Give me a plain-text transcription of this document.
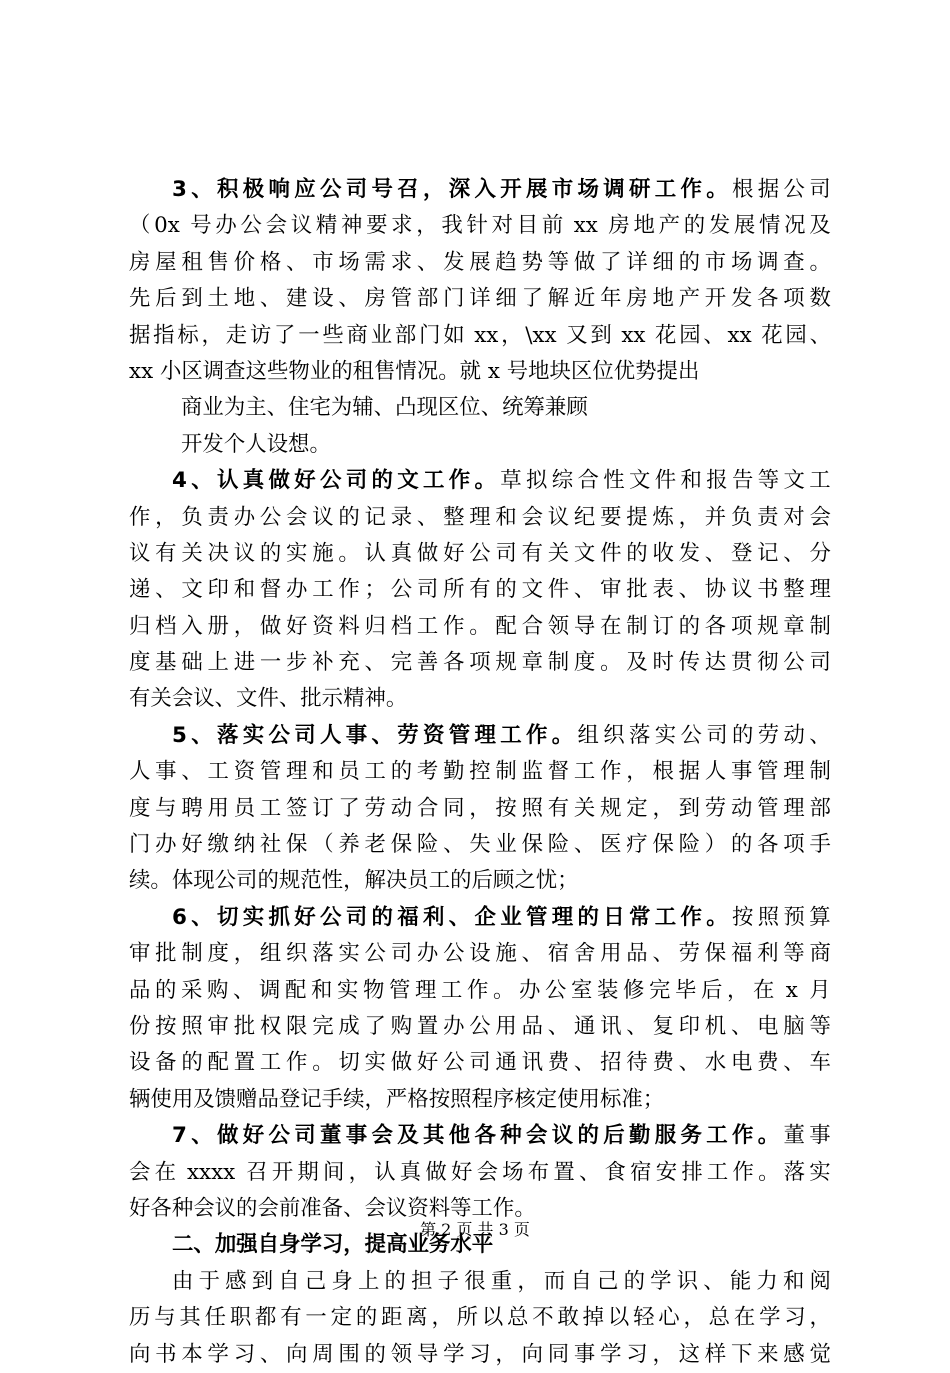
3 、 积 极 响 应 公 司 号 召 ， 深 入 开 展 市 场 调 研 工 作 。 根 据 公 司
（ 0x 号 办 公 会 议 精 神 要 求 ， 我 针 对 目 前 xx 房 地 产 的 发 展 情 况 及
房 屋 租 售 价 格 、 市 场 需 求 、 发 展 趋 势 等 做 了 详 细 的 市 场 调 查 。
先 后 到 土 地 、 建 设 、 房 管 部 门 详 细 了 解 近 年 房 地 产 开 发 各 项 数
据 指 标 ， 走 访 了 一 些 商 业 部 门 如 xx ， \xx 又 到 xx 花 园 、 xx 花 园 、
xx 小 区 调 查 这 些 物 业 的 租 售 情 况 。 就 x 号 地 块 区 位 优 势 提 出
商 业 为 主 、 住 宅 为 辅 、 凸 现 区 位 、 统 筹 兼 顾
开 发 个 人 设 想 。
4 、 认 真 做 好 公 司 的 文 工 作 。 草 拟 综 合 性 文 件 和 报 告 等 文 工
作 ， 负 责 办 公 会 议 的 记 录 、 整 理 和 会 议 纪 要 提 炼 ， 并 负 责 对 会
议 有 关 决 议 的 实 施 。 认 真 做 好 公 司 有 关 文 件 的 收 发 、 登 记 、 分
递 、 文 印 和 督 办 工 作 ； 公 司 所 有 的 文 件 、 审 批 表 、 协 议 书 整 理
归 档 入 册 ， 做 好 资 料 归 档 工 作 。 配 合 领 导 在 制 订 的 各 项 规 章 制
度 基 础 上 进 一 步 补 充 、 完 善 各 项 规 章 制 度 。 及 时 传 达 贯 彻 公 司
有 关 会 议 、 文 件 、 批 示 精 神 。
5 、 落 实 公 司 人 事 、 劳 资 管 理 工 作 。 组 织 落 实 公 司 的 劳 动 、
人 事 、 工 资 管 理 和 员 工 的 考 勤 控 制 监 督 工 作 ， 根 据 人 事 管 理 制
度 与 聘 用 员 工 签 订 了 劳 动 合 同 ， 按 照 有 关 规 定 ， 到 劳 动 管 理 部
门 办 好 缴 纳 社 保 （ 养 老 保 险 、 失 业 保 险 、 医 疗 保 险 ） 的 各 项 手
续 。 体 现 公 司 的 规 范 性 ， 解 决 员 工 的 后 顾 之 忧 ；
6 、 切 实 抓 好 公 司 的 福 利 、 企 业 管 理 的 日 常 工 作 。 按 照 预 算
审 批 制 度 ， 组 织 落 实 公 司 办 公 设 施 、 宿 舍 用 品 、 劳 保 福 利 等 商
品 的 采 购 、 调 配 和 实 物 管 理 工 作 。 办 公 室 装 修 完 毕 后 ， 在 x 月
份 按 照 审 批 权 限 完 成 了 购 置 办 公 用 品 、 通 讯 、 复 印 机 、 电 脑 等
设 备 的 配 置 工 作 。 切 实 做 好 公 司 通 讯 费 、 招 待 费 、 水 电 费 、 车
辆 使 用 及 馈 赠 品 登 记 手 续 ， 严 格 按 照 程 序 核 定 使 用 标 准 ；
7 、 做 好 公 司 董 事 会 及 其 他 各 种 会 议 的 后 勤 服 务 工 作 。 董 事
会 在 xxxx 召 开 期 间 ， 认 真 做 好 会 场 布 置 、 食 宿 安 排 工 作 。 落 实
好 各 种 会 议 的 会 前 准 备 、 会 议 资 料 等 工 作 。
二 、 加 强 自 身 学 习 ， 提 高 业 务 水 平
由 于 感 到 自 己 身 上 的 担 子 很 重 ， 而 自 己 的 学 识 、 能 力 和 阅
历 与 其 任 职 都 有 一 定 的 距 离 ， 所 以 总 不 敢 掉 以 轻 心 ， 总 在 学 习 ，
向 书 本 学 习 、 向 周 围 的 领 导 学 习 ， 向 同 事 学 习 ， 这 样 下 来 感 觉
第 2 页 共 3 页
